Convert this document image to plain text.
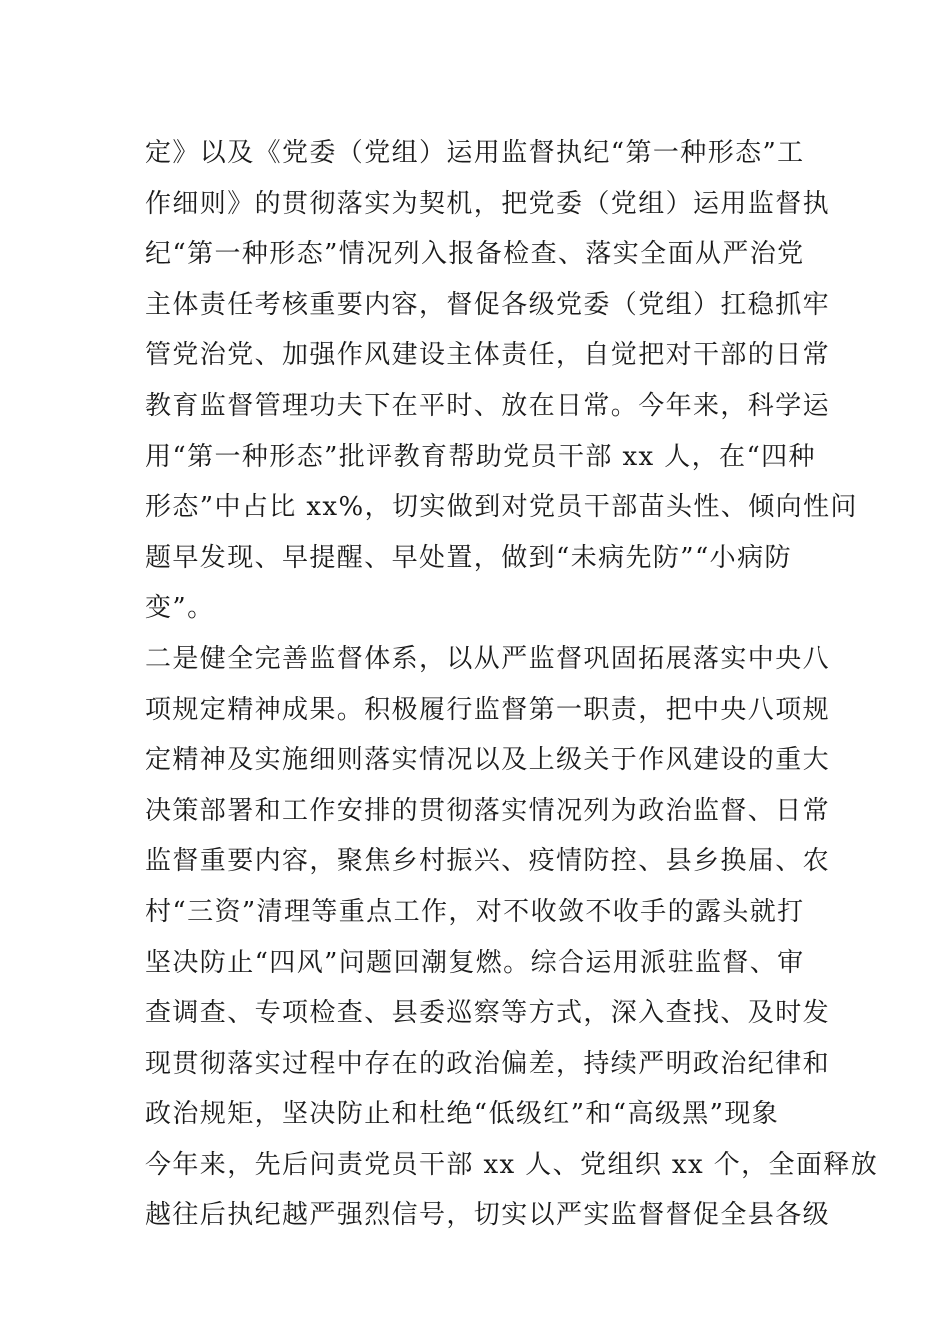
定》以及《党委（党组）运用监督执纪“第一种形态”工
作细则》的贯彻落实为契机，把党委（党组）运用监督执
纪“第一种形态”情况列入报备检查、落实全面从严治党
主体责任考核重要内容，督促各级党委（党组）扛稳抓牢
管党治党、加强作风建设主体责任，自觉把对干部的日常
教育监督管理功夫下在平时、放在日常。今年来，科学运
用“第一种形态”批评教育帮助党员干部 xx 人，在“四种
形态”中占比 xx%，切实做到对党员干部苗头性、倾向性问
题早发现、早提醒、早处置，做到“未病先防”“小病防
变”。
二是健全完善监督体系，以从严监督巩固拓展落实中央八
项规定精神成果。积极履行监督第一职责，把中央八项规
定精神及实施细则落实情况以及上级关于作风建设的重大
决策部署和工作安排的贯彻落实情况列为政治监督、日常
监督重要内容，聚焦乡村振兴、疫情防控、县乡换届、农
村“三资”清理等重点工作，对不收敛不收手的露头就打
坚决防止“四风”问题回潮复燃。综合运用派驻监督、审
查调查、专项检查、县委巡察等方式，深入查找、及时发
现贯彻落实过程中存在的政治偏差，持续严明政治纪律和
政治规矩，坚决防止和杜绝“低级红”和“高级黑”现象
今年来，先后问责党员干部 xx 人、党组织 xx 个，全面释放
越往后执纪越严强烈信号，切实以严实监督督促全县各级
